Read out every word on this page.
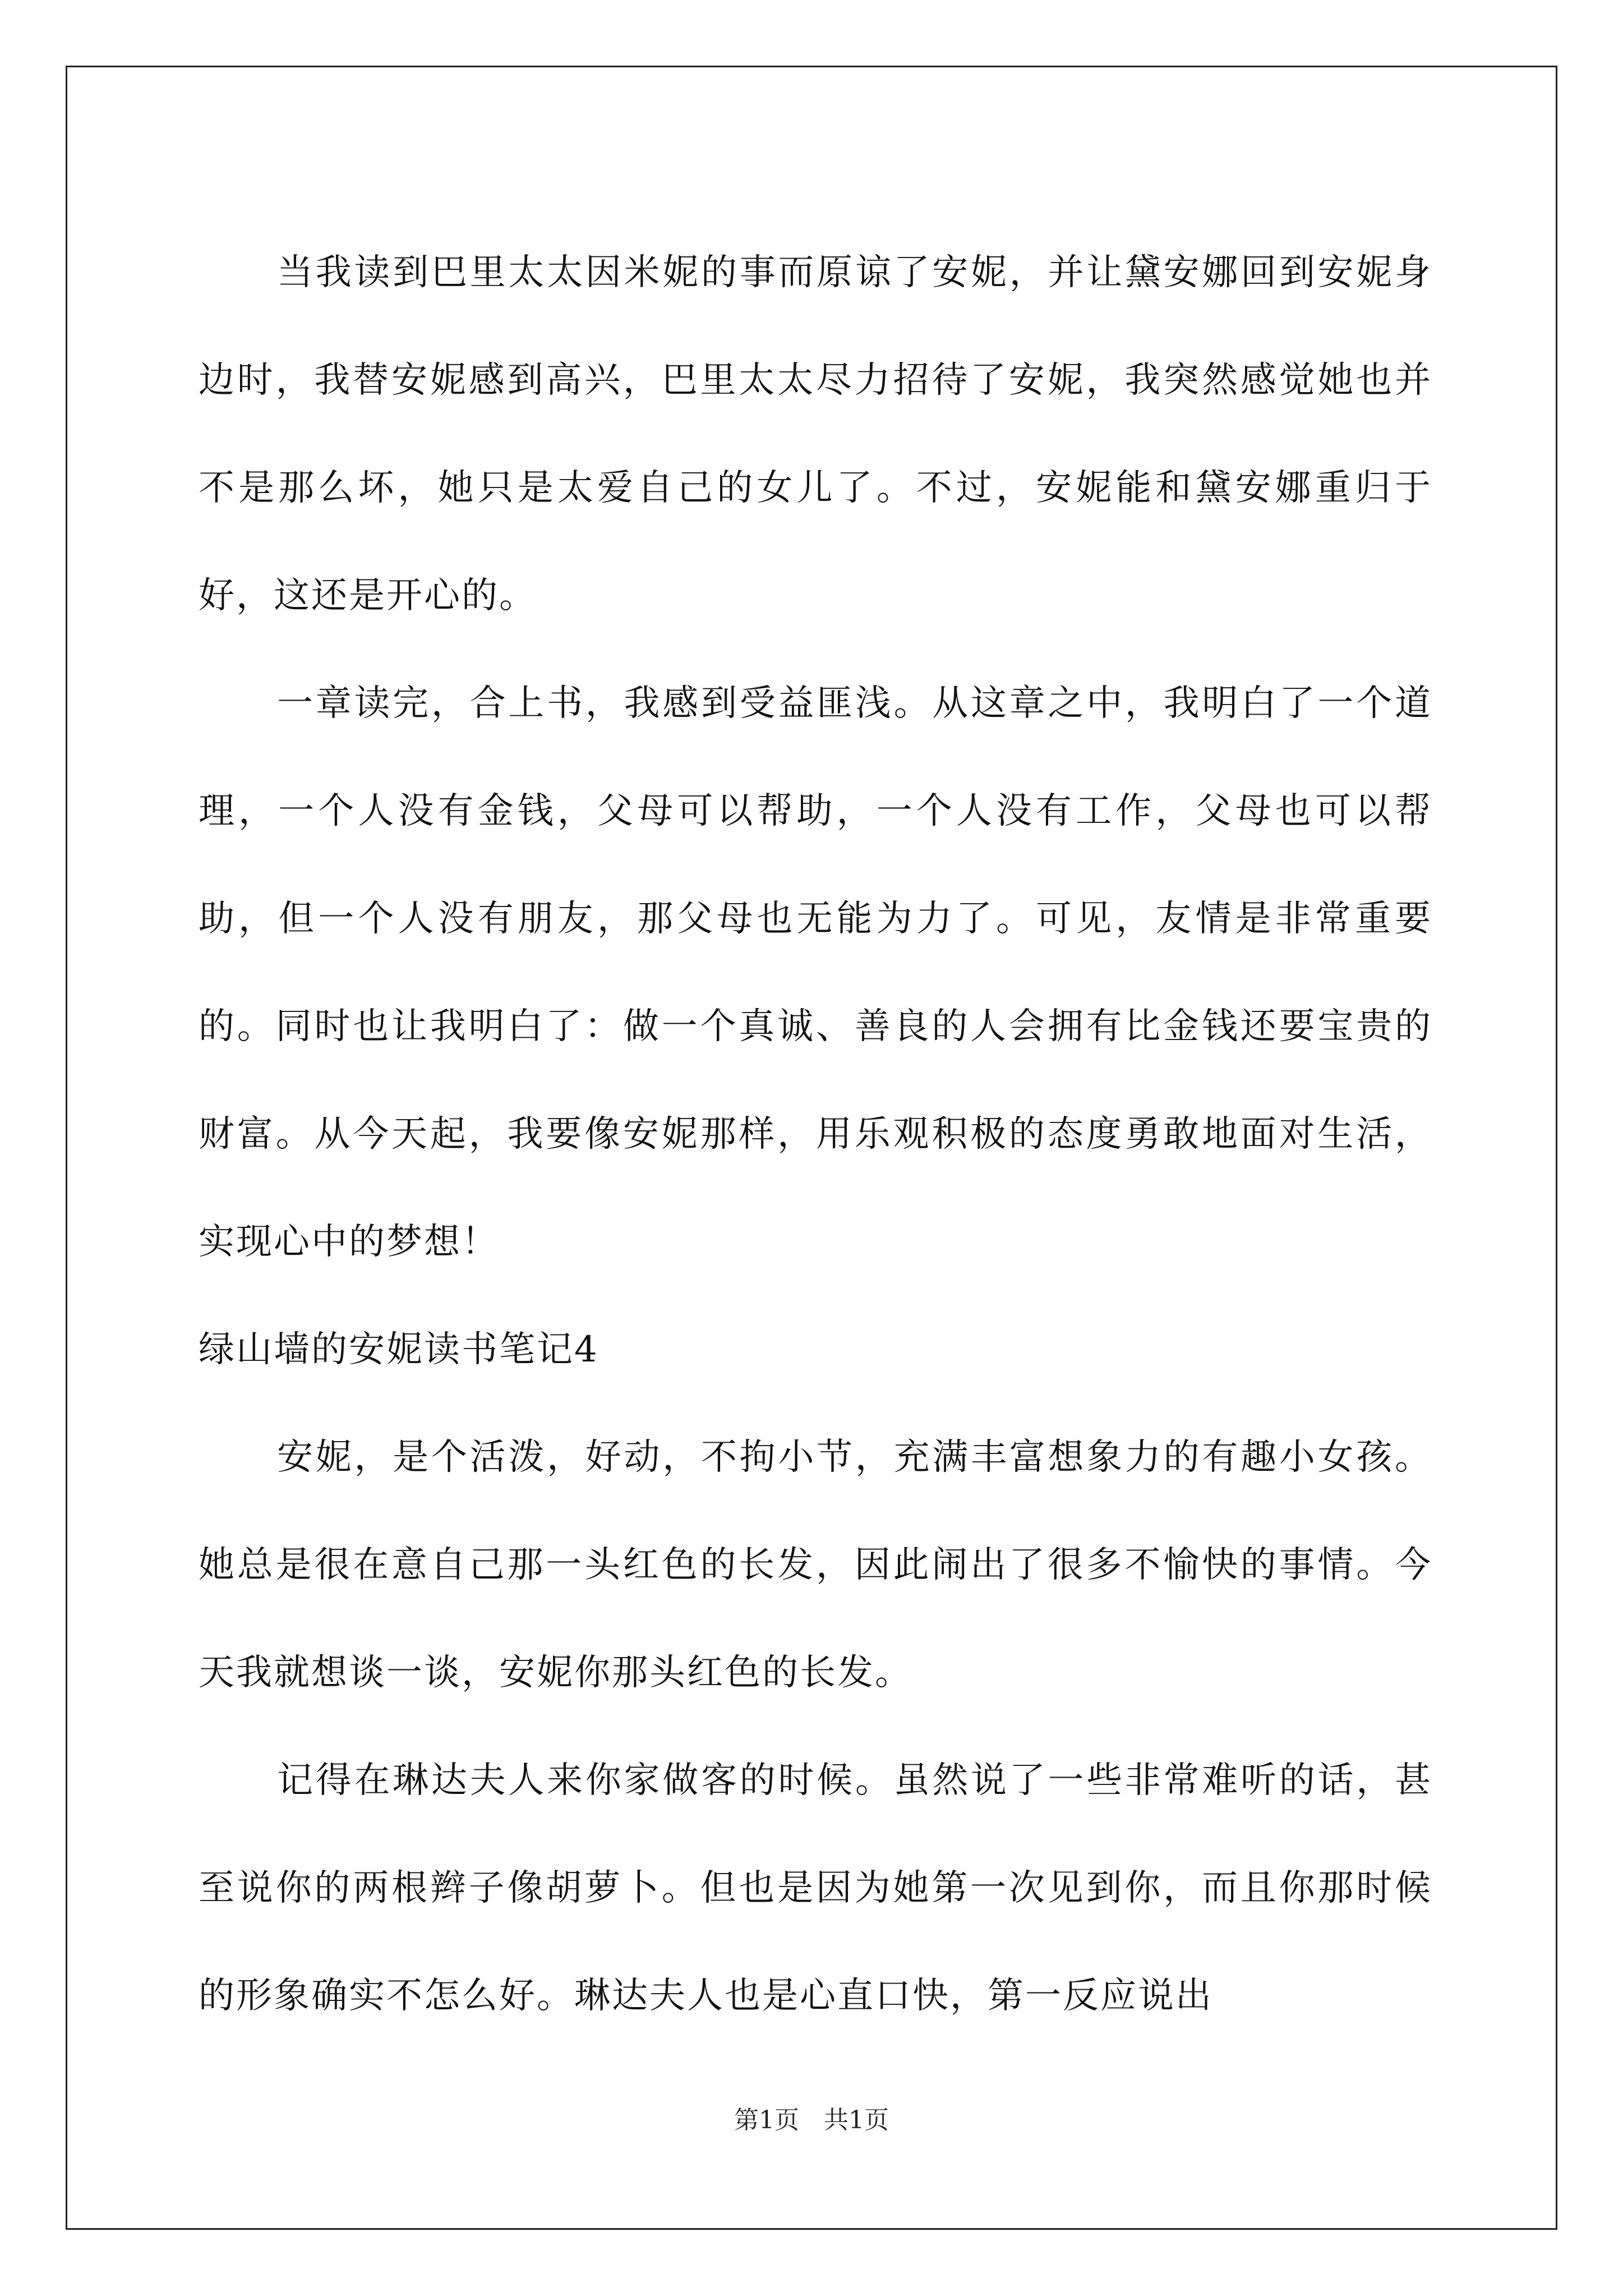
当我读到巴里太太因米妮的事而原谅了安妮，并让黛安娜回到安妮身边时，我替安妮感到高兴，巴里太太尽力招待了安妮，我突然感觉她也并不是那么坏，她只是太爱自己的女儿了。不过，安妮能和黛安娜重归于好，这还是开心的。

一章读完，合上书，我感到受益匪浅。从这章之中，我明白了一个道理，一个人没有金钱，父母可以帮助，一个人没有工作，父母也可以帮助，但一个人没有朋友，那父母也无能为力了。可见，友情是非常重要的。同时也让我明白了：做一个真诚、善良的人会拥有比金钱还要宝贵的财富。从今天起，我要像安妮那样，用乐观积极的态度勇敢地面对生活，实现心中的梦想！

绿山墙的安妮读书笔记4

安妮，是个活泼，好动，不拘小节，充满丰富想象力的有趣小女孩。她总是很在意自己那一头红色的长发，因此闹出了很多不愉快的事情。今天我就想谈一谈，安妮你那头红色的长发。

记得在琳达夫人来你家做客的时候。虽然说了一些非常难听的话，甚至说你的两根辫子像胡萝卜。但也是因为她第一次见到你，而且你那时候的形象确实不怎么好。琳达夫人也是心直口快，第一反应说出

第1页　共1页
